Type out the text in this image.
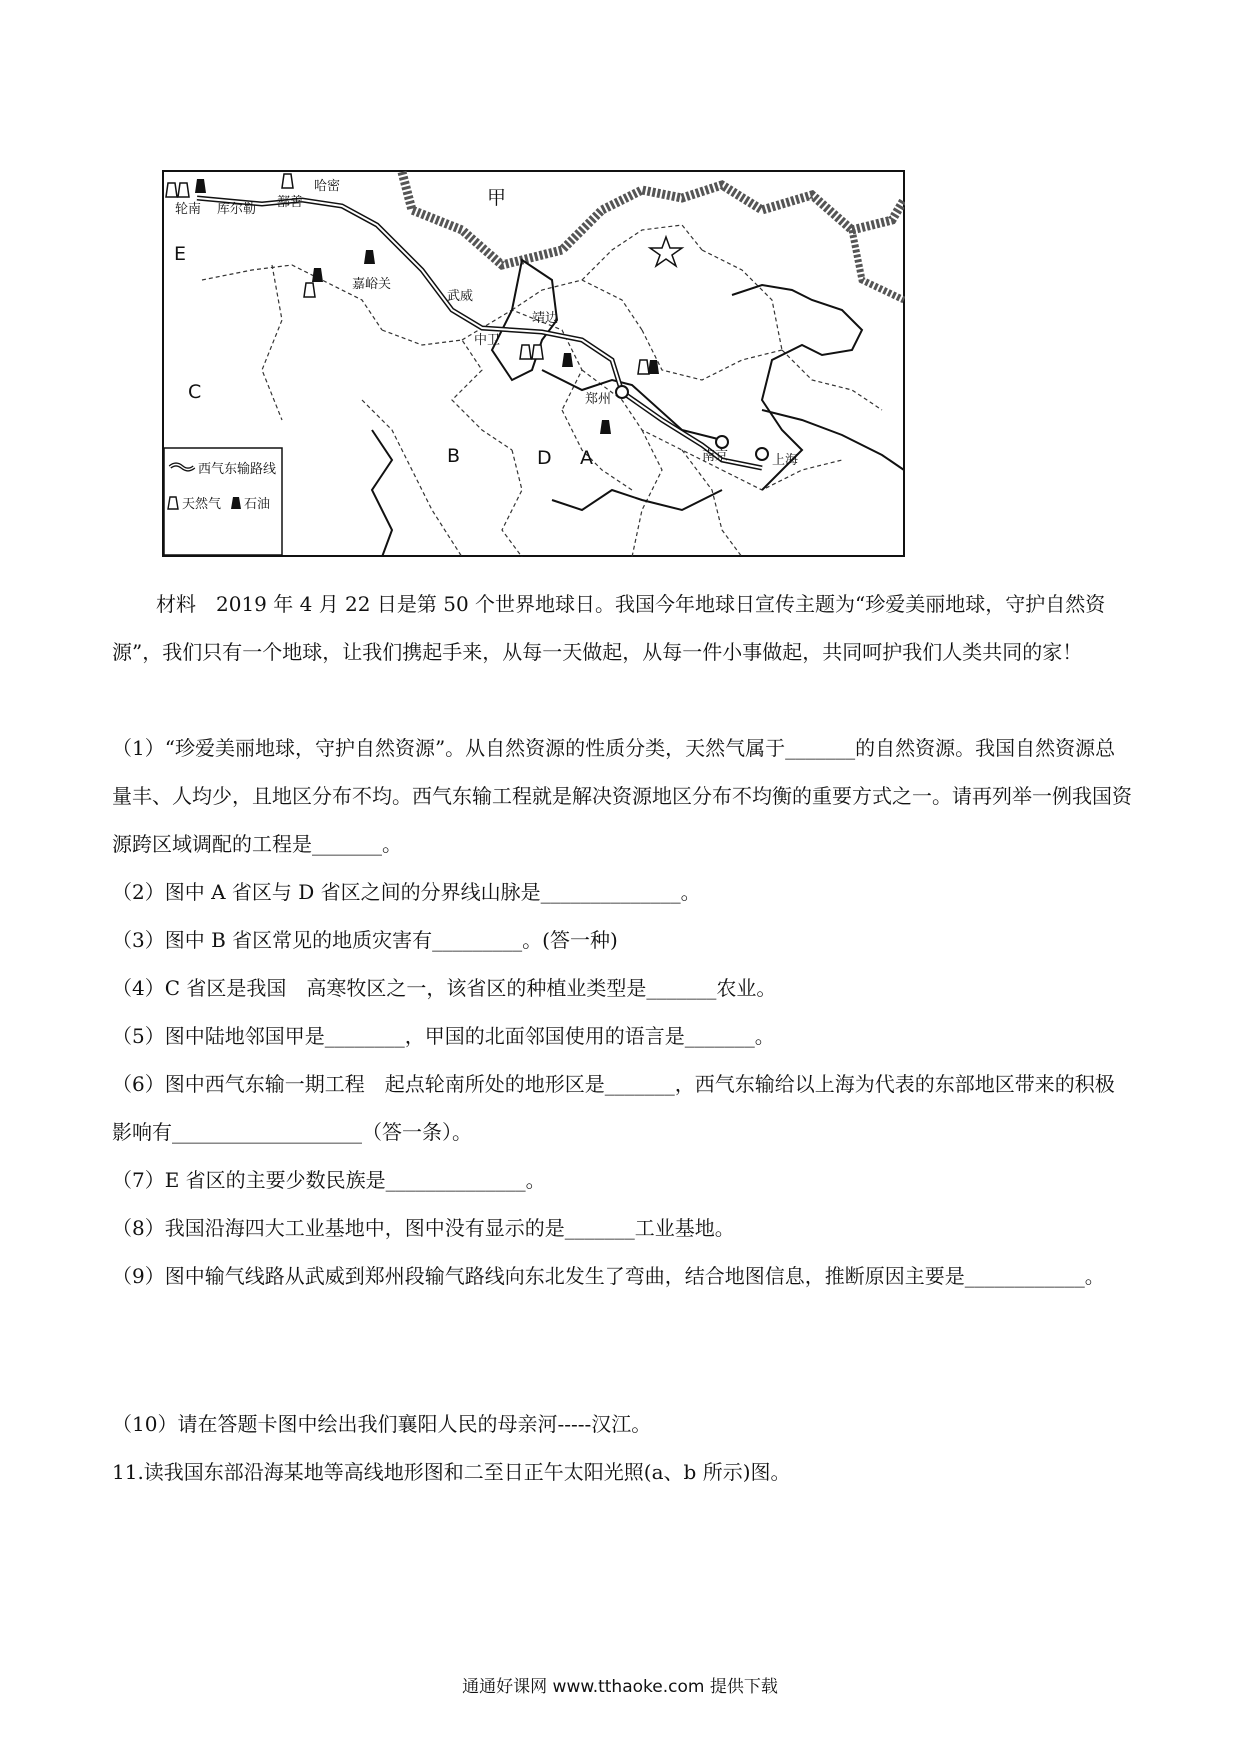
轮南 库尔勒 鄯善
哈密
嘉峪关
武威
中卫
靖边
郑州
南京	上海
甲
E
C
B	D A
西气东输路线
天然气 石油
材料　2019 年 4 月 22 日是第 50 个世界地球日。我国今年地球日宣传主题为“珍爱美丽地球，守护自然资源”，我们只有一个地球，让我们携起手来，从每一天做起，从每一件小事做起，共同呵护我们人类共同的家！
（1）“珍爱美丽地球，守护自然资源”。从自然资源的性质分类，天然气属于_______的自然资源。我国自然资源总量丰、人均少，且地区分布不均。西气东输工程就是解决资源地区分布不均衡的重要方式之一。请再列举一例我国资源跨区域调配的工程是_______。
（2）图中 A 省区与 D 省区之间的分界线山脉是______________。
（3）图中 B 省区常见的地质灾害有_________。(答一种)
（4）C 省区是我国　高寒牧区之一，该省区的种植业类型是_______农业。
（5）图中陆地邻国甲是________，甲国的北面邻国使用的语言是_______。
（6）图中西气东输一期工程　起点轮南所处的地形区是_______，西气东输给以上海为代表的东部地区带来的积极影响有___________________（答一条）。
（7）E 省区的主要少数民族是______________。
（8）我国沿海四大工业基地中，图中没有显示的是_______工业基地。
（9）图中输气线路从武威到郑州段输气路线向东北发生了弯曲，结合地图信息，推断原因主要是____________。
（10）请在答题卡图中绘出我们襄阳人民的母亲河-----汉江。
11.读我国东部沿海某地等高线地形图和二至日正午太阳光照(a、b 所示)图。
通通好课网 www.tthaoke.com 提供下载
